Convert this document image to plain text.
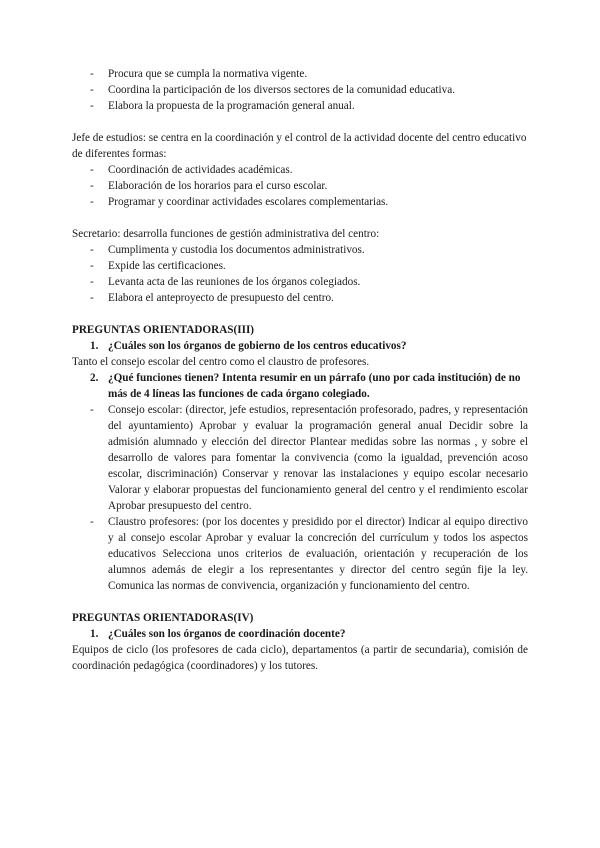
- Procura que se cumpla la normativa vigente.
- Coordina la participación de los diversos sectores de la comunidad educativa.
- Elabora la propuesta de la programación general anual.

Jefe de estudios: se centra en la coordinación y el control de la actividad docente del centro educativo de diferentes formas:

- Coordinación de actividades académicas.
- Elaboración de los horarios para el curso escolar.
- Programar y coordinar actividades escolares complementarias.

Secretario: desarrolla funciones de gestión administrativa del centro:

- Cumplimenta y custodia los documentos administrativos.
- Expide las certificaciones.
- Levanta acta de las reuniones de los órganos colegiados.
- Elabora el anteproyecto de presupuesto del centro.

PREGUNTAS ORIENTADORAS(III)

1. ¿Cuáles son los órganos de gobierno de los centros educativos?

Tanto el consejo escolar del centro como el claustro de profesores.

2. ¿Qué funciones tienen? Intenta resumir en un párrafo (uno por cada institución) de no más de 4 líneas las funciones de cada órgano colegiado.
- Consejo escolar: (director, jefe estudios, representación profesorado, padres, y representación del ayuntamiento) Aprobar y evaluar la programación general anual Decidir sobre la admisión alumnado y elección del director Plantear medidas sobre las normas , y sobre el desarrollo de valores para fomentar la convivencia (como la igualdad, prevención acoso escolar, discriminación) Conservar y renovar las instalaciones y equipo escolar necesario Valorar y elaborar propuestas del funcionamiento general del centro y el rendimiento escolar Aprobar presupuesto del centro.
- Claustro profesores: (por los docentes y presidido por el director) Indicar al equipo directivo y al consejo escolar Aprobar y evaluar la concreción del currículum y todos los aspectos educativos Selecciona unos criterios de evaluación, orientación y recuperación de los alumnos además de elegir a los representantes y director del centro según fije la ley. Comunica las normas de convivencia, organización y funcionamiento del centro.

PREGUNTAS ORIENTADORAS(IV)

1. ¿Cuáles son los órganos de coordinación docente?

Equipos de ciclo (los profesores de cada ciclo), departamentos (a partir de secundaria), comisión de coordinación pedagógica (coordinadores) y los tutores.
